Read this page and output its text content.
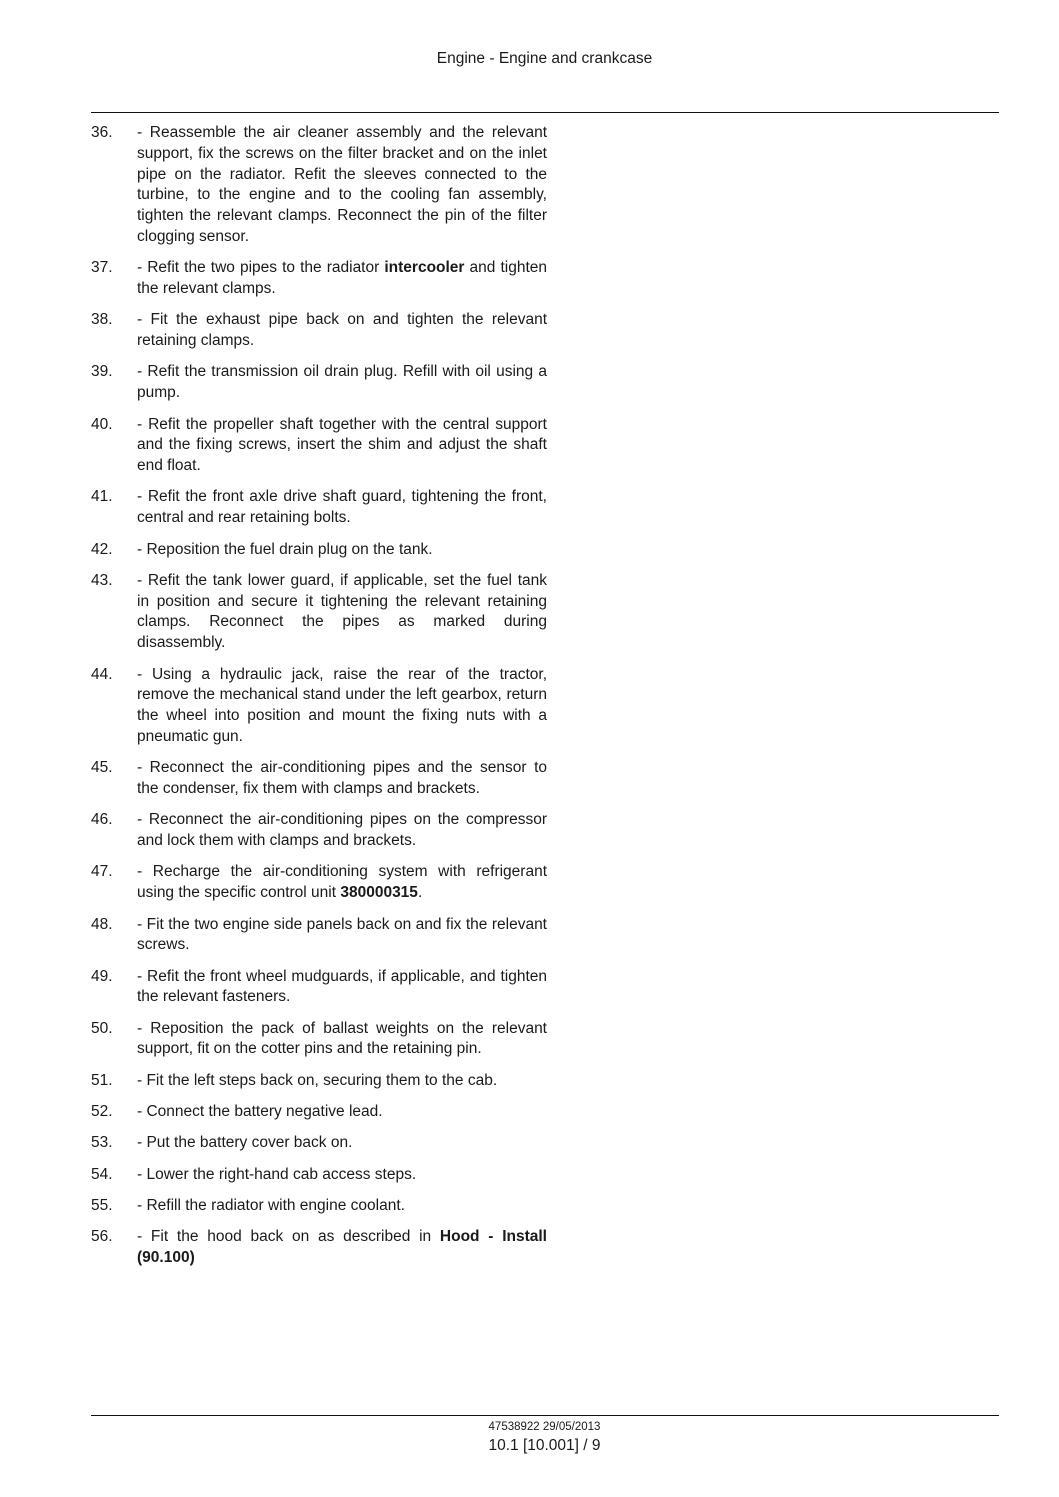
Engine - Engine and crankcase
36.	- Reassemble the air cleaner assembly and the relevant support, fix the screws on the filter bracket and on the inlet pipe on the radiator. Refit the sleeves connected to the turbine, to the engine and to the cooling fan assembly, tighten the relevant clamps. Reconnect the pin of the filter clogging sensor.
37.	- Refit the two pipes to the radiator intercooler and tighten the relevant clamps.
38.	- Fit the exhaust pipe back on and tighten the relevant retaining clamps.
39.	- Refit the transmission oil drain plug. Refill with oil using a pump.
40.	- Refit the propeller shaft together with the central support and the fixing screws, insert the shim and adjust the shaft end float.
41.	- Refit the front axle drive shaft guard, tightening the front, central and rear retaining bolts.
42.	- Reposition the fuel drain plug on the tank.
43.	- Refit the tank lower guard, if applicable, set the fuel tank in position and secure it tightening the relevant retaining clamps. Reconnect the pipes as marked during disassembly.
44.	- Using a hydraulic jack, raise the rear of the tractor, remove the mechanical stand under the left gearbox, return the wheel into position and mount the fixing nuts with a pneumatic gun.
45.	- Reconnect the air-conditioning pipes and the sensor to the condenser, fix them with clamps and brackets.
46.	- Reconnect the air-conditioning pipes on the compressor and lock them with clamps and brackets.
47.	- Recharge the air-conditioning system with refrigerant using the specific control unit 380000315.
48.	- Fit the two engine side panels back on and fix the relevant screws.
49.	- Refit the front wheel mudguards, if applicable, and tighten the relevant fasteners.
50.	- Reposition the pack of ballast weights on the relevant support, fit on the cotter pins and the retaining pin.
51.	- Fit the left steps back on, securing them to the cab.
52.	- Connect the battery negative lead.
53.	- Put the battery cover back on.
54.	- Lower the right-hand cab access steps.
55.	- Refill the radiator with engine coolant.
56.	- Fit the hood back on as described in Hood - Install (90.100)
47538922 29/05/2013
10.1 [10.001] / 9
